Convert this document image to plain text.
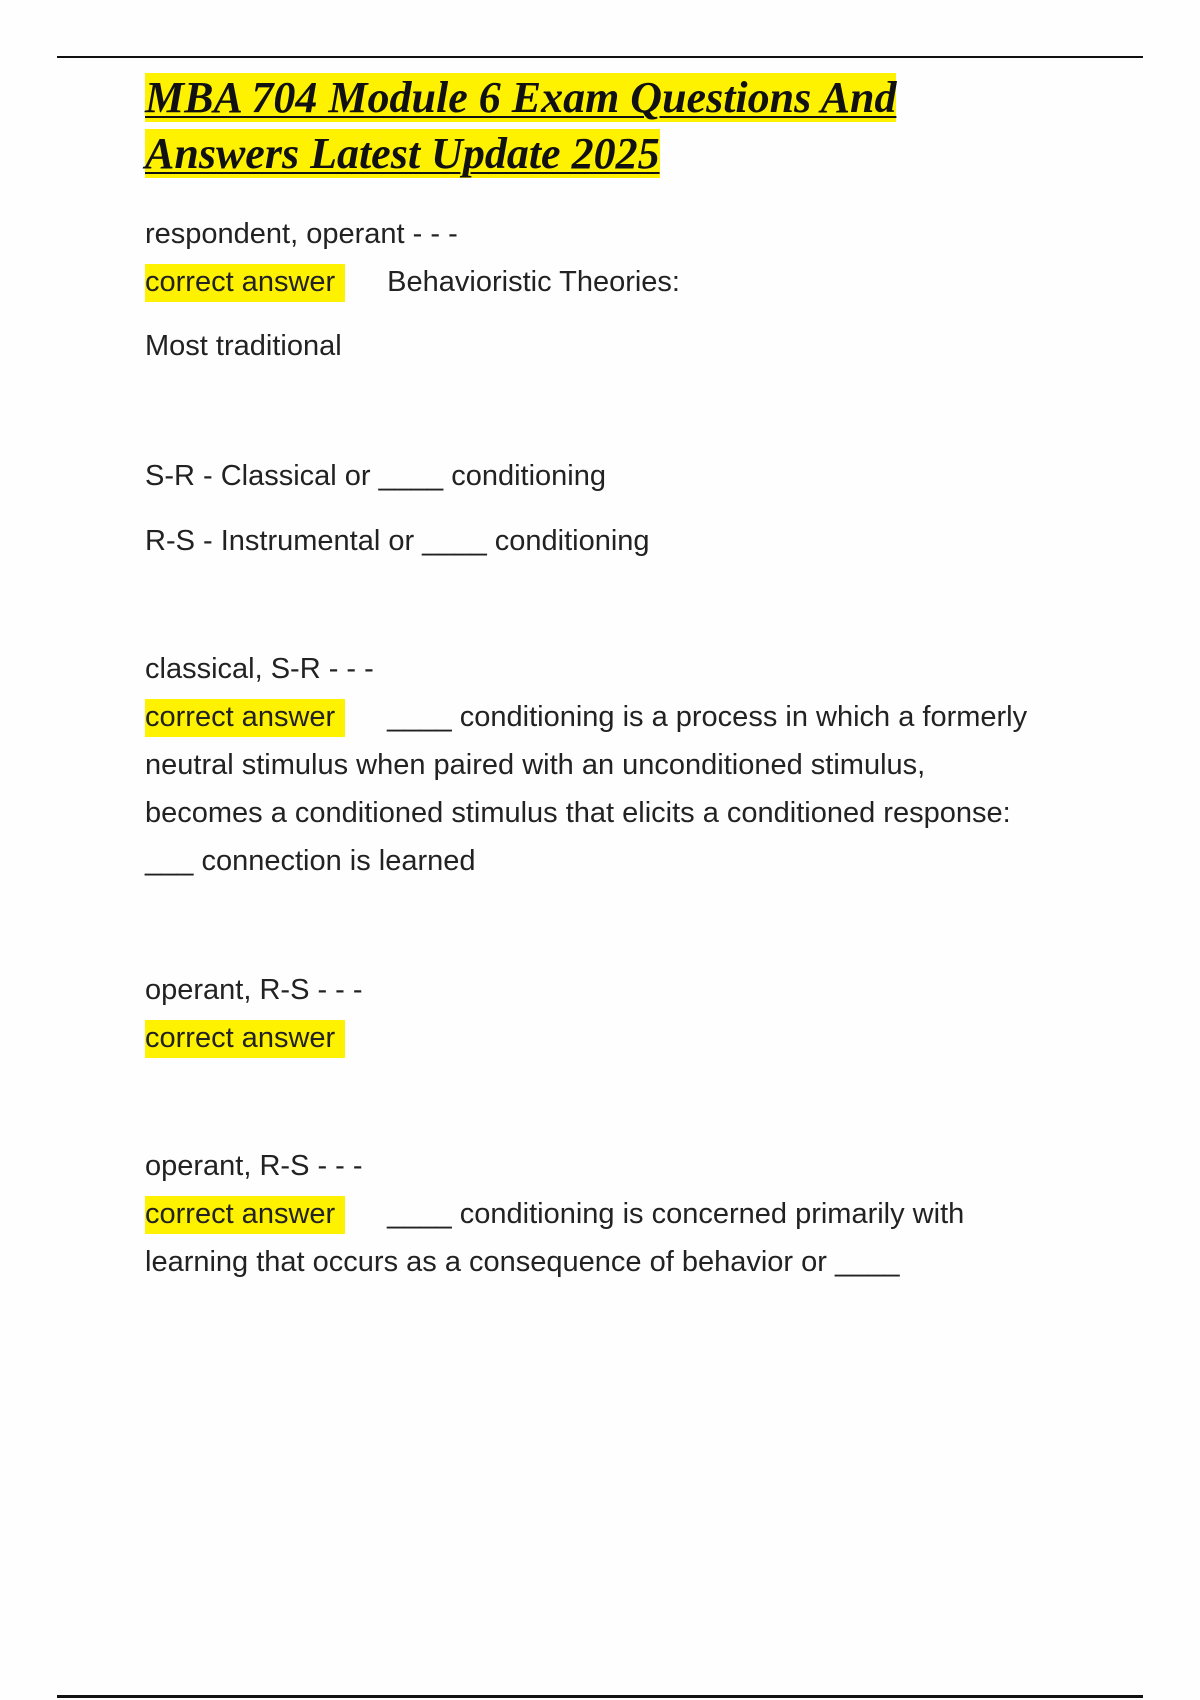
MBA 704 Module 6 Exam Questions And
Answers Latest Update 2025

respondent, operant - - -

correct answer Behavioristic Theories:

Most traditional

S-R - Classical or ____ conditioning

R-S - Instrumental or ____ conditioning

classical, S-R - - -

correct answer ____ conditioning is a process in which a formerly

neutral stimulus when paired with an unconditioned stimulus,

becomes a conditioned stimulus that elicits a conditioned response:

___ connection is learned

operant, R-S - - -

correct answer

operant, R-S - - -

correct answer ____ conditioning is concerned primarily with

learning that occurs as a consequence of behavior or ____
